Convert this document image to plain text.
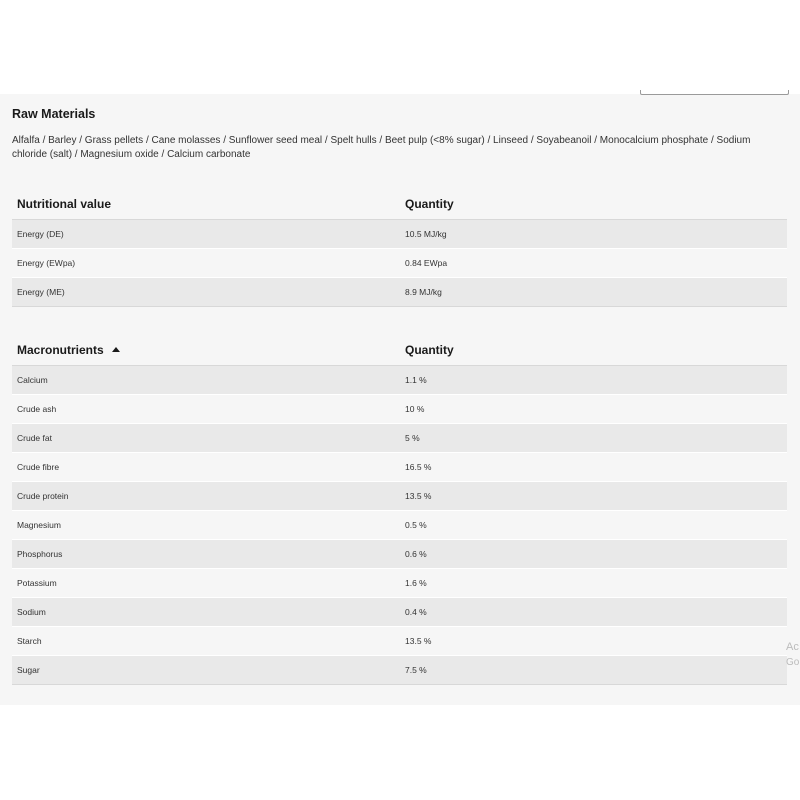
Raw Materials
Alfalfa / Barley / Grass pellets / Cane molasses / Sunflower seed meal / Spelt hulls / Beet pulp (<8% sugar) / Linseed / Soyabeanoil / Monocalcium phosphate / Sodium chloride (salt) / Magnesium oxide / Calcium carbonate
Nutritional value	Quantity
Energy (DE)	10.5 MJ/kg
Energy (EWpa)	0.84 EWpa
Energy (ME)	8.9 MJ/kg
Macronutrients	Quantity
Calcium	1.1 %
Crude ash	10 %
Crude fat	5 %
Crude fibre	16.5 %
Crude protein	13.5 %
Magnesium	0.5 %
Phosphorus	0.6 %
Potassium	1.6 %
Sodium	0.4 %
Starch	13.5 %
Sugar	7.5 %
Ac
Go
